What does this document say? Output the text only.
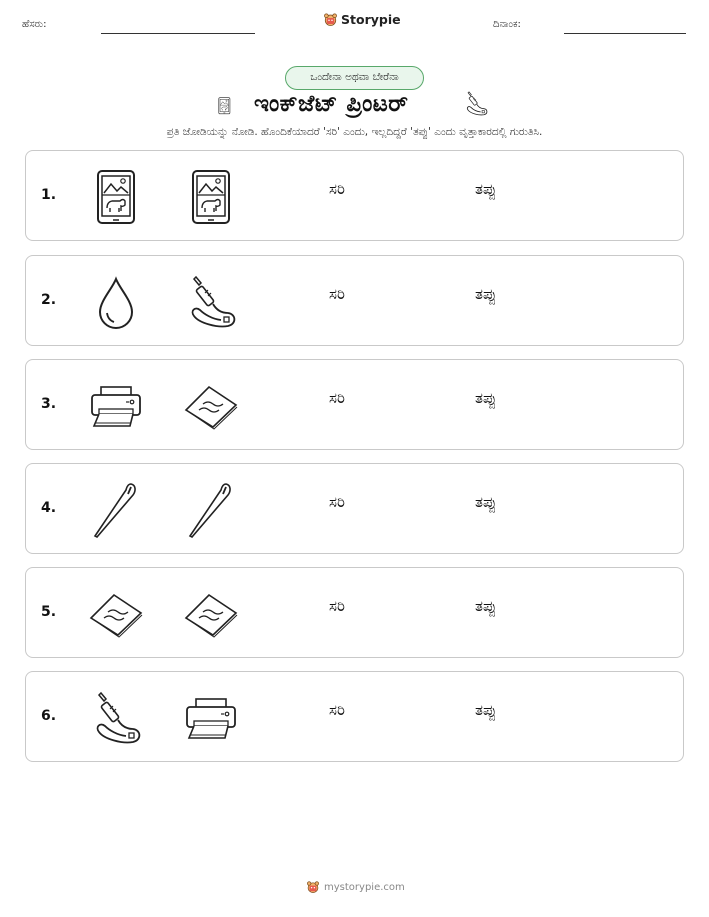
ಹೆಸರು:	Storypie	ದಿನಾಂಕ:
ಒಂದೇನಾ ಅಥವಾ ಬೇರೆನಾ
ಇಂಕ್‌ಜೆಟ್ ಪ್ರಿಂಟರ್
ಪ್ರತಿ ಜೋಡಿಯನ್ನು ನೋಡಿ. ಹೊಂದಿಕೆಯಾದರೆ 'ಸರಿ' ಎಂದು, ಇಲ್ಲದಿದ್ದರೆ 'ತಪ್ಪು' ಎಂದು ವೃತ್ತಾಕಾರದಲ್ಲಿ ಗುರುತಿಸಿ.
1.	ಸರಿ	ತಪ್ಪು
2.	ಸರಿ	ತಪ್ಪು
3.	ಸರಿ	ತಪ್ಪು
4.	ಸರಿ	ತಪ್ಪು
5.	ಸರಿ	ತಪ್ಪು
6.	ಸರಿ	ತಪ್ಪು
mystorypie.com
